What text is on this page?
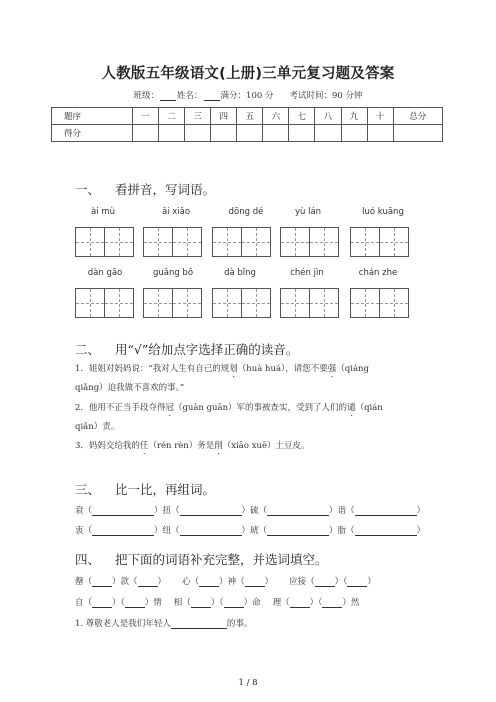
人教版五年级语文(上册)三单元复习题及答案
班级： 姓名： 满分：100 分 考试时间：90 分钟
题序	一	二	三	四	五	六	七	八	九	十	总分
得分											
一、 看拼音，写词语。
ài mù	ǎi xiǎo	dōng dé	yù lán	luó kuāng
dàn gāo	guǎng bō	dà bǐng	chén jìn	chán zhe
二、 用“√”给加点字选择正确的读音。
1．姐姐对妈妈说：“我对人生有自己的规划（huà huá），请您不要强（qiáng
qiǎng）迫我做不喜欢的事。”
2．他用不正当手段夺得冠（guàn guān）军的事被查实，受到了人们的谴（qián
qiǎn）责。
3．妈妈交给我的任（rén rèn）务是削（xiāo xuē）土豆皮。
三、 比一比，再组词。
衰（	）扭（	）硫（	）诣（	）
衷（	）纽（	）琥（	）脂（	）
四、 把下面的词语补充完整，并选词填空。
罄（ ）款（ ） 心（ ）神（ ） 应接（ ）（ ）
自（ ）（ ）情 相（ ）（ ）命 理（ ）（ ）然
1. 尊敬老人是我们年轻人	的事。
1 / 8
